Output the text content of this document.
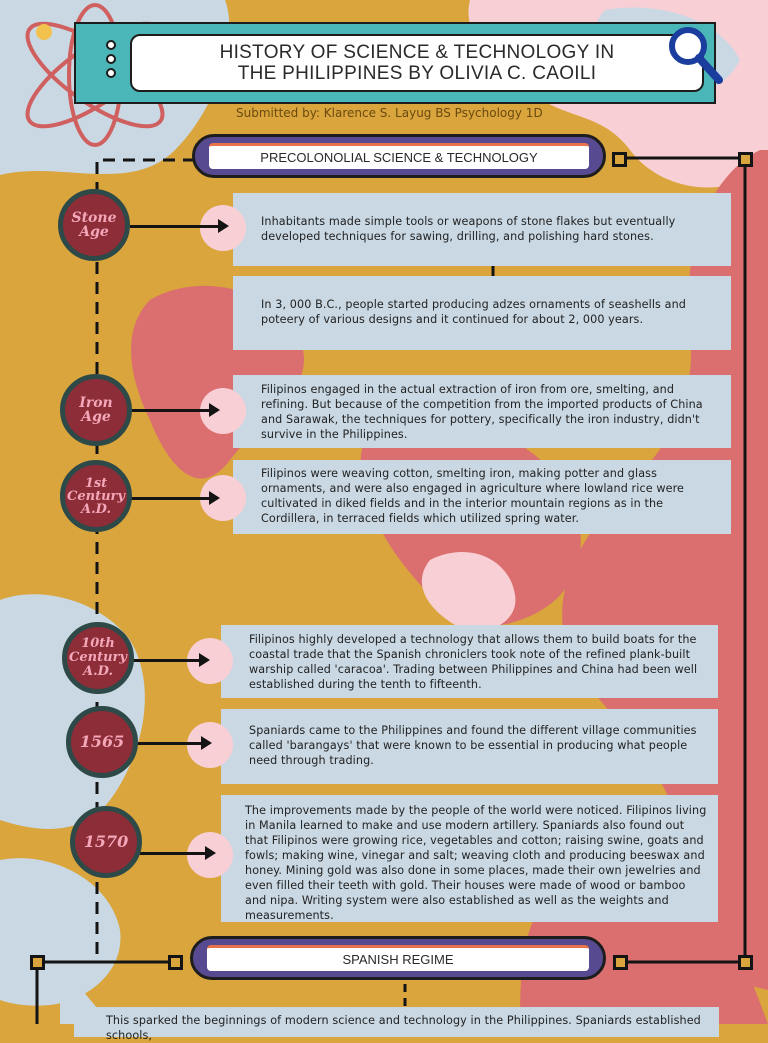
HISTORY OF SCIENCE & TECHNOLOGY IN
THE PHILIPPINES BY OLIVIA C. CAOILI
Submitted by: Klarence S. Layug BS Psychology 1D
PRECOLONOLIAL SCIENCE & TECHNOLOGY
Inhabitants made simple tools or weapons of stone flakes but eventually developed techniques for sawing, drilling, and polishing hard stones.
In 3, 000 B.C., people started producing adzes ornaments of seashells and poteery of various designs and it continued for about 2, 000 years.
Filipinos engaged in the actual extraction of iron from ore, smelting, and refining. But because of the competition from the imported products of China and Sarawak, the techniques for pottery, specifically the iron industry, didn't survive in the Philippines.
Filipinos were weaving cotton, smelting iron, making potter and glass ornaments, and were also engaged in agriculture where lowland rice were cultivated in diked fields and in the interior mountain regions as in the Cordillera, in terraced fields which utilized spring water.
Filipinos highly developed a technology that allows them to build boats for the coastal trade that the Spanish chroniclers took note of the refined plank-built warship called 'caracoa'. Trading between Philippines and China had been well established during the tenth to fifteenth.
Spaniards came to the Philippines and found the different village communities called 'barangays' that were known to be essential in producing what people need through trading.
The improvements made by the people of the world were noticed. Filipinos living in Manila learned to make and use modern artillery. Spaniards also found out that Filipinos were growing rice, vegetables and cotton; raising swine, goats and fowls; making wine, vinegar and salt; weaving cloth and producing beeswax and honey. Mining gold was also done in some places, made their own jewelries and even filled their teeth with gold. Their houses were made of wood or bamboo and nipa. Writing system were also established as well as the weights and measurements.
This sparked the beginnings of modern science and technology in the Philippines. Spaniards established schools,
Stone
Age
Iron
Age
1st
Century
A.D.
10th
Century
A.D.
1565
1570
SPANISH REGIME
